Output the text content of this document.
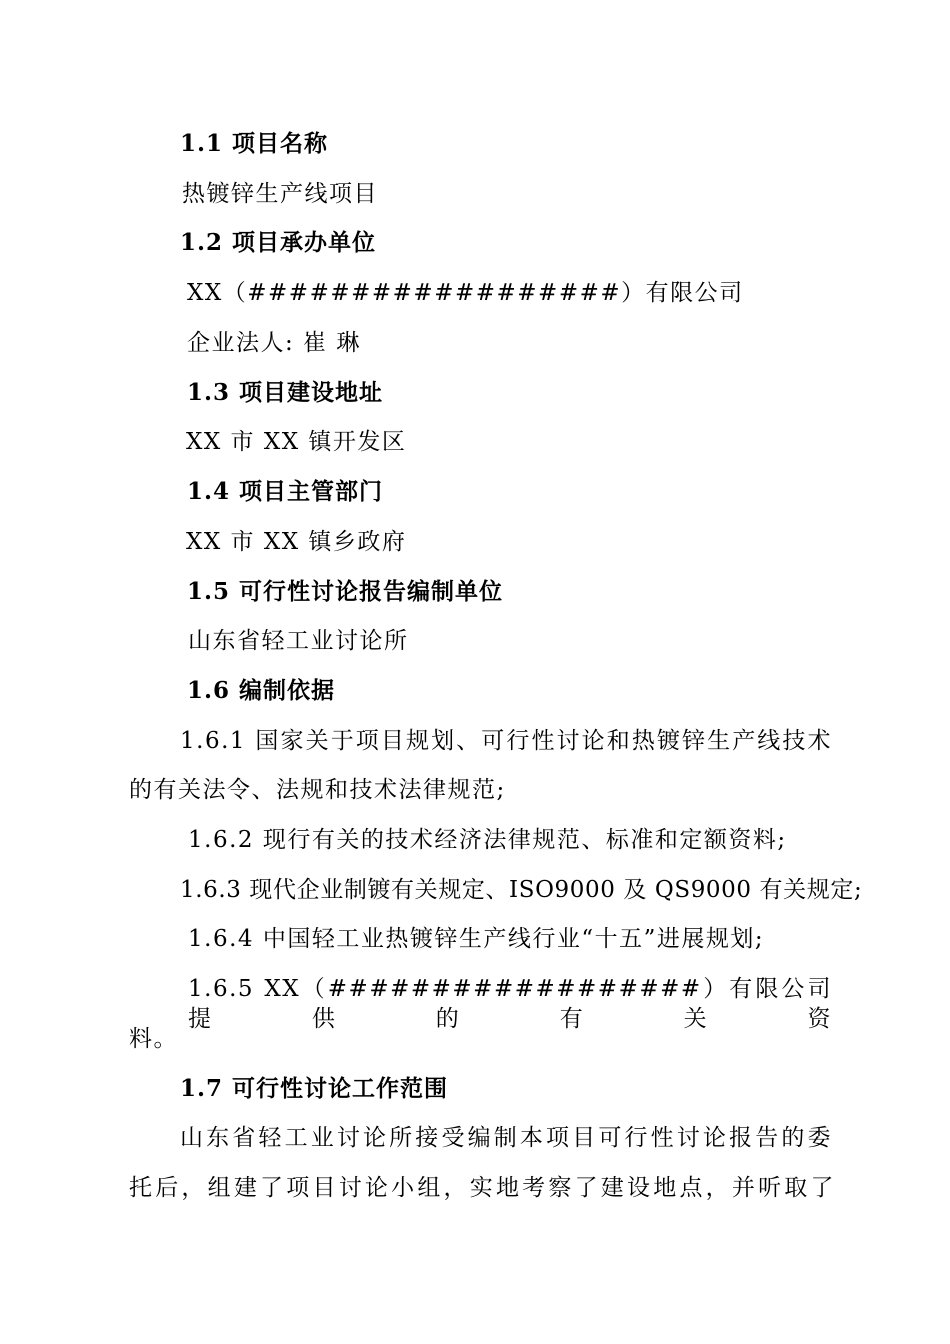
1.1 项目名称
热镀锌生产线项目
1.2 项目承办单位
XX（##################）有限公司
企业法人: 崔 琳
1.3 项目建设地址
XX 市 XX 镇开发区
1.4 项目主管部门
XX 市 XX 镇乡政府
1.5 可行性讨论报告编制单位
山东省轻工业讨论所
1.6 编制依据
1.6.1 国家关于项目规划、可行性讨论和热镀锌生产线技术
的有关法令、法规和技术法律规范;
1.6.2 现行有关的技术经济法律规范、标准和定额资料;
1.6.3 现代企业制镀有关规定、ISO9000 及 QS9000 有关规定;
1.6.4 中国轻工业热镀锌生产线行业“十五”进展规划;
1.6.5 XX（##################）有限公司提供的有关资
料。
1.7 可行性讨论工作范围
山东省轻工业讨论所接受编制本项目可行性讨论报告的委
托后，组建了项目讨论小组，实地考察了建设地点，并听取了
